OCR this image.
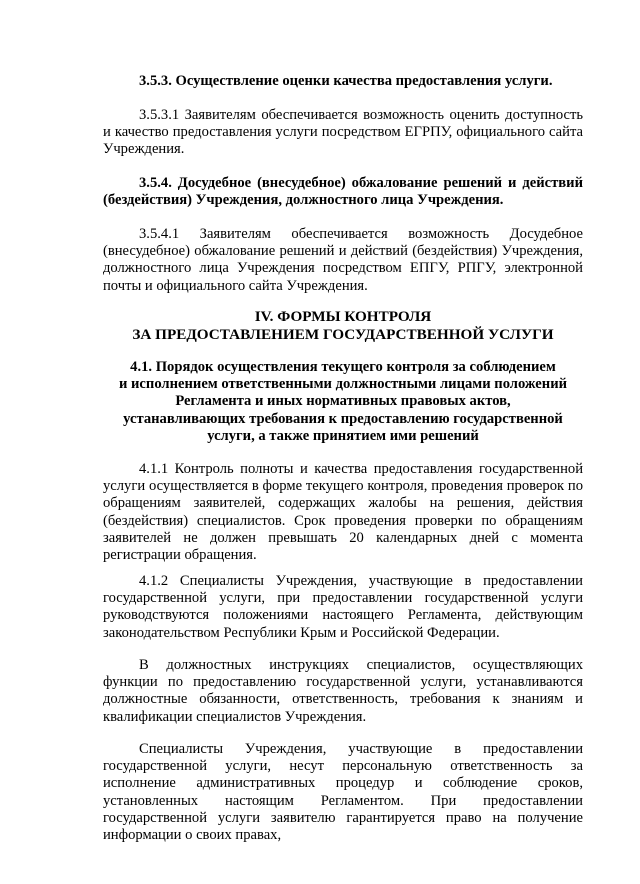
3.5.3. Осуществление оценки качества предоставления услуги.

3.5.3.1 Заявителям обеспечивается возможность оценить доступность и качество предоставления услуги посредством ЕГРПУ, официального сайта Учреждения.

3.5.4. Досудебное (внесудебное) обжалование решений и действий (бездействия) Учреждения, должностного лица Учреждения.

3.5.4.1 Заявителям обеспечивается возможность Досудебное (внесудебное) обжалование решений и действий (бездействия) Учреждения, должностного лица Учреждения посредством ЕПГУ, РПГУ, электронной почты и официального сайта Учреждения.

IV. ФОРМЫ КОНТРОЛЯ
ЗА ПРЕДОСТАВЛЕНИЕМ ГОСУДАРСТВЕННОЙ УСЛУГИ
4.1. Порядок осуществления текущего контроля за соблюдением
и исполнением ответственными должностными лицами положений
Регламента и иных нормативных правовых актов,
устанавливающих требования к предоставлению государственной
услуги, а также принятием ими решений

4.1.1 Контроль полноты и качества предоставления государственной услуги осуществляется в форме текущего контроля, проведения проверок по обращениям заявителей, содержащих жалобы на решения, действия (бездействия) специалистов. Срок проведения проверки по обращениям заявителей не должен превышать 20 календарных дней с момента регистрации обращения.

4.1.2 Специалисты Учреждения, участвующие в предоставлении государственной услуги, при предоставлении государственной услуги руководствуются положениями настоящего Регламента, действующим законодательством Республики Крым и Российской Федерации.

В должностных инструкциях специалистов, осуществляющих функции по предоставлению государственной услуги, устанавливаются должностные обязанности, ответственность, требования к знаниям и квалификации специалистов Учреждения.

Специалисты Учреждения, участвующие в предоставлении государственной услуги, несут персональную ответственность за исполнение административных процедур и соблюдение сроков, установленных настоящим Регламентом. При предоставлении государственной услуги заявителю гарантируется право на получение информации о своих правах,
